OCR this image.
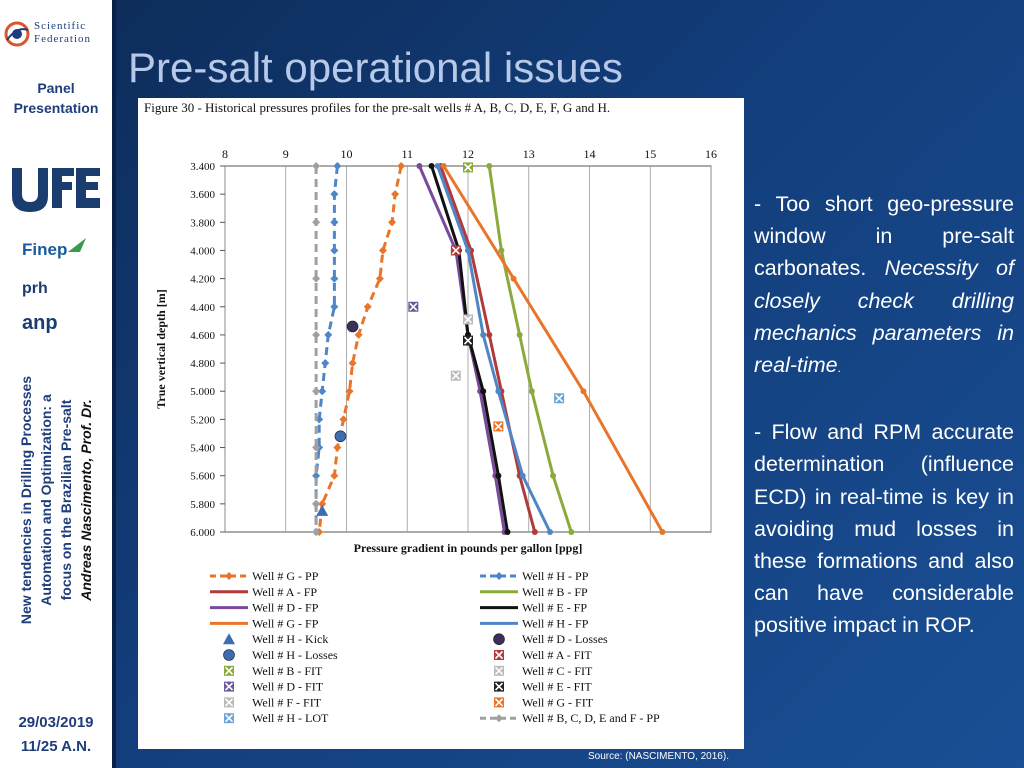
Scientific
Federation
Panel
Presentation
Finep
prh
anp
New tendencies in Drilling Processes Automation and Optimization: a focus on the Brazilian Pre-salt Andreas Nascimento, Prof. Dr.
29/03/2019
11/25 A.N.
Pre-salt operational issues
Figure 30 - Historical pressures profiles for the pre-salt wells # A, B, C, D, E, F, G and H.
8	9	10	11	12	13	14	15	16
3.400
3.600
3.800
4.000
4.200
4.400
4.600
4.800
5.000
5.200
5.400
5.600
5.800
6.000
Pressure gradient in pounds per gallon [ppg]
True vertical depth [m]
Well # G - PP	Well # H - PP
Well # A - FP	Well # B - FP
Well # D - FP	Well # E - FP
Well # G - FP	Well # H - FP
Well # H - Kick	Well # D - Losses
Well # H - Losses	Well # A - FIT
Well # B - FIT	Well # C - FIT
Well # D - FIT	Well # E - FIT
Well # F - FIT	Well # G - FIT
Well # H - LOT	Well # B, C, D, E and F - PP
- Too short geo-pressure window in pre-salt carbonates. Necessity of closely check drilling mechanics parameters in real-time.
- Flow and RPM accurate determination (influence ECD) in real-time is key in avoiding mud losses in these formations and also can have considerable positive impact in ROP.
Source: (NASCIMENTO, 2016).
